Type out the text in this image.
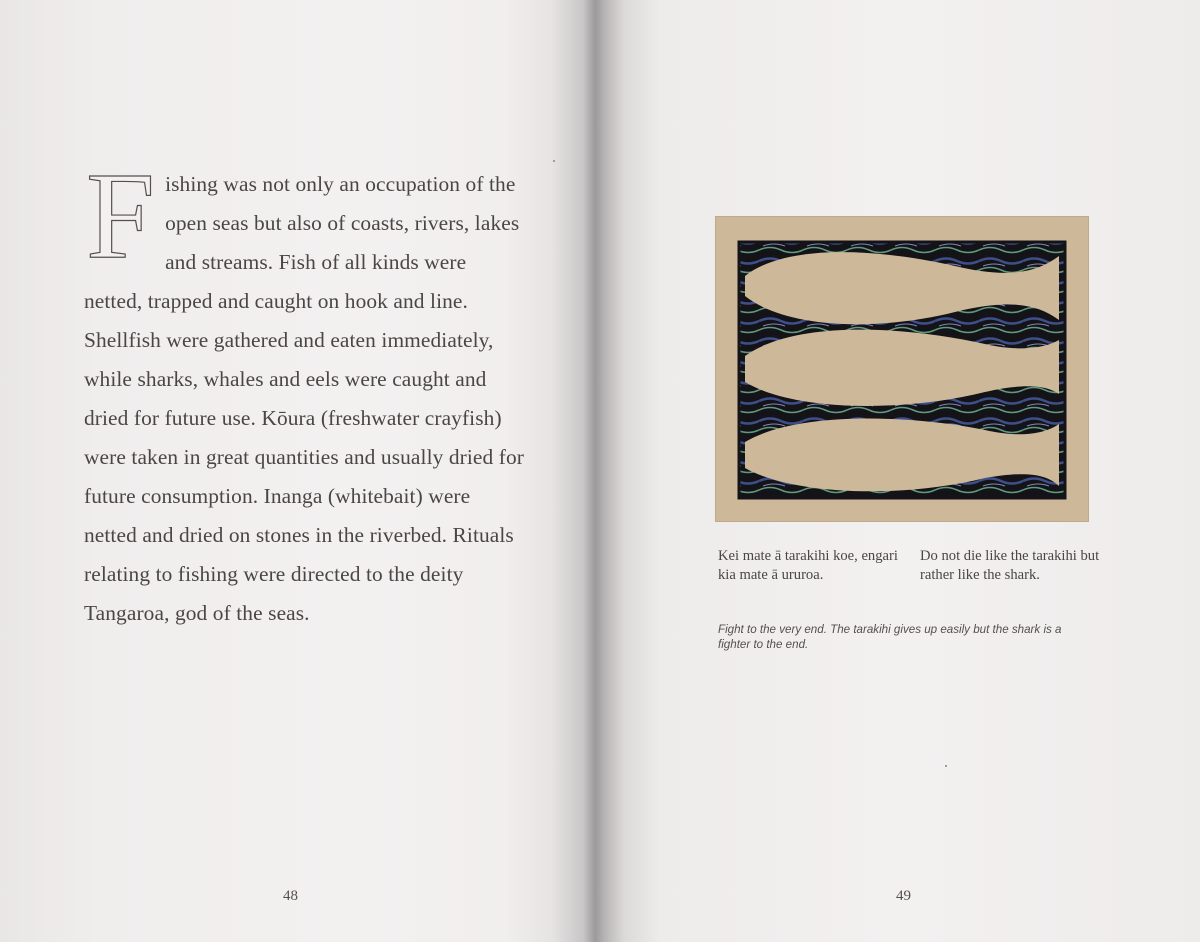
Fishing was not only an occupation of the open seas but also of coasts, rivers, lakes and streams. Fish of all kinds were netted, trapped and caught on hook and line. Shellfish were gathered and eaten immediately, while sharks, whales and eels were caught and dried for future use. Kōura (freshwater crayfish) were taken in great quantities and usually dried for future consumption. Inanga (whitebait) were netted and dried on stones in the riverbed. Rituals relating to fishing were directed to the deity Tangaroa, god of the seas.

48
Kei mate ā tarakihi koe, engari kia mate ā ururoa.
Do not die like the tarakihi but rather like the shark.
Fight to the very end. The tarakihi gives up easily but the shark is a fighter to the end.
49
